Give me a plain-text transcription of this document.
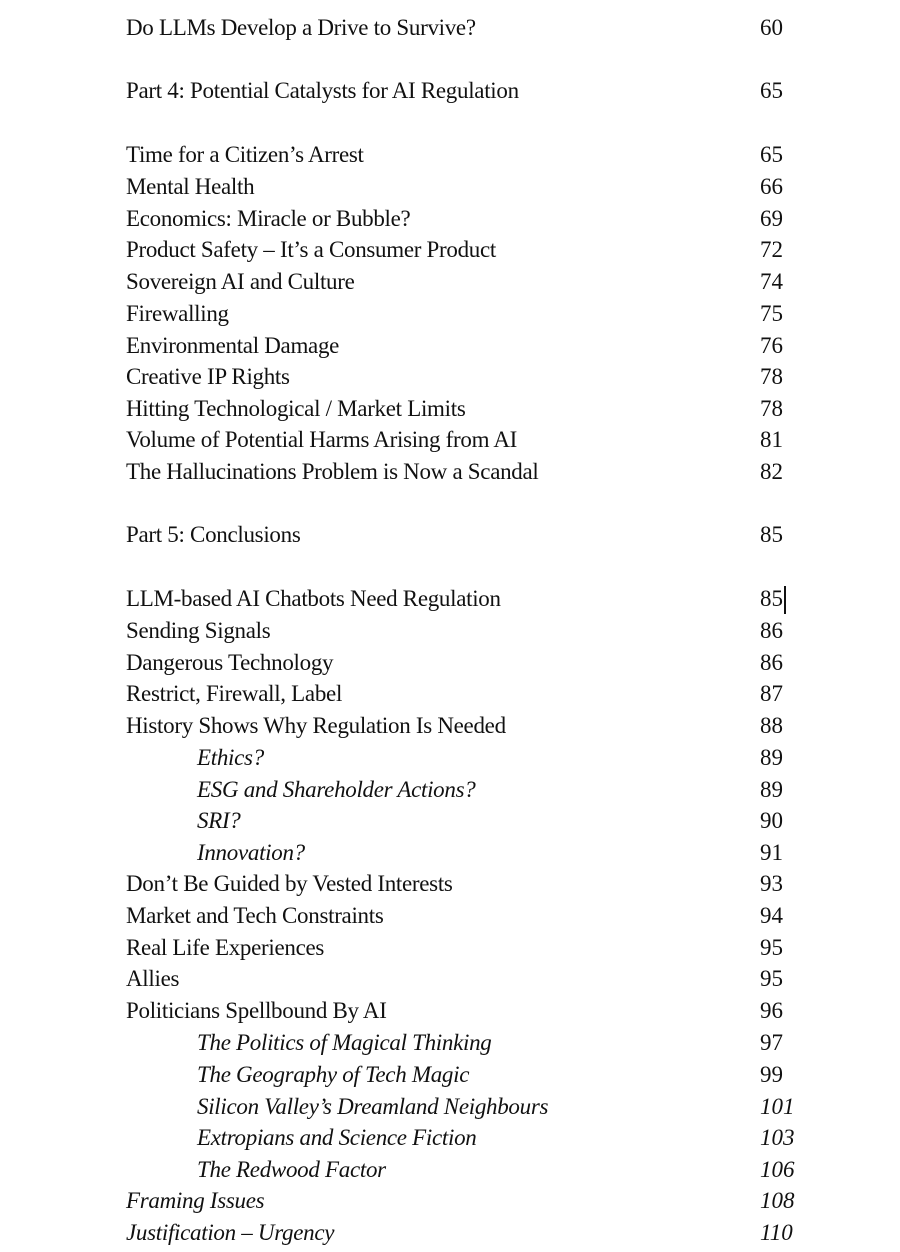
Do LLMs Develop a Drive to Survive?	60
Part 4: Potential Catalysts for AI Regulation	65
Time for a Citizen’s Arrest	65
Mental Health	66
Economics: Miracle or Bubble?	69
Product Safety – It’s a Consumer Product	72
Sovereign AI and Culture	74
Firewalling	75
Environmental Damage	76
Creative IP Rights	78
Hitting Technological / Market Limits	78
Volume of Potential Harms Arising from AI	81
The Hallucinations Problem is Now a Scandal	82
Part 5: Conclusions	85
LLM-based AI Chatbots Need Regulation	85
Sending Signals	86
Dangerous Technology	86
Restrict, Firewall, Label	87
History Shows Why Regulation Is Needed	88
Ethics?	89
ESG and Shareholder Actions?	89
SRI?	90
Innovation?	91
Don’t Be Guided by Vested Interests	93
Market and Tech Constraints	94
Real Life Experiences	95
Allies	95
Politicians Spellbound By AI	96
The Politics of Magical Thinking	97
The Geography of Tech Magic	99
Silicon Valley’s Dreamland Neighbours	101
Extropians and Science Fiction	103
The Redwood Factor	106
Framing Issues	108
Justification – Urgency	110
